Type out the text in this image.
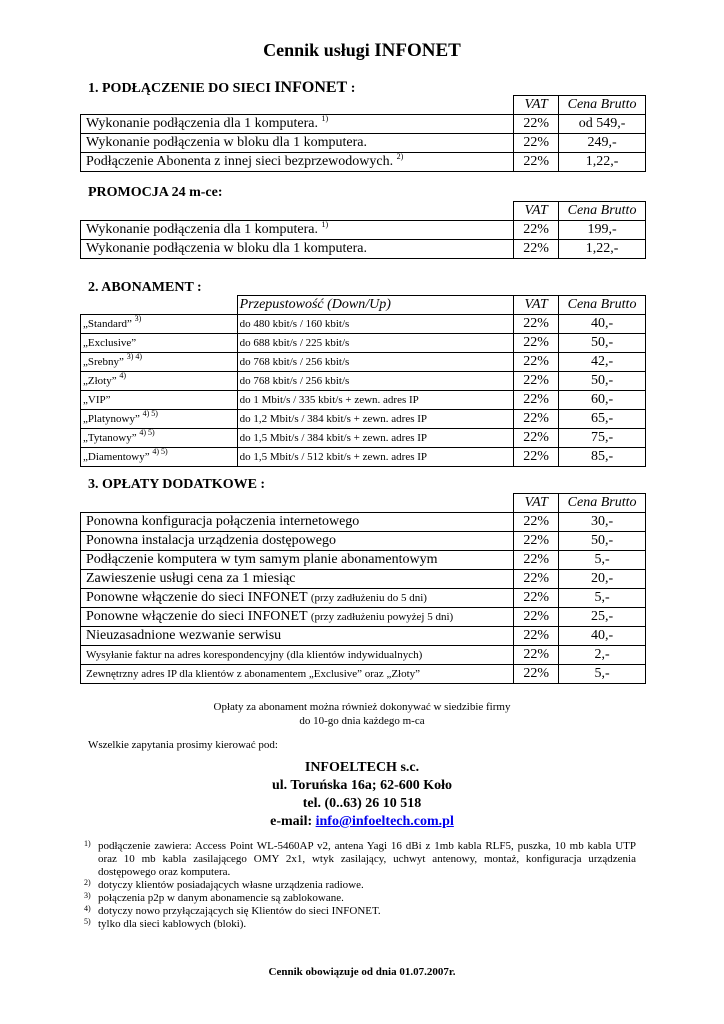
Cennik usługi INFONET
1. PODŁĄCZENIE DO SIECI INFONET :
	VAT	Cena Brutto
Wykonanie podłączenia dla 1 komputera. $^{1)}$	22%	od 549,-
Wykonanie podłączenia w bloku dla 1 komputera.	22%	249,-
Podłączenie Abonenta z innej sieci bezprzewodowych. $^{2)}$	22%	1,22,-
PROMOCJA 24 m-ce:
	VAT	Cena Brutto
Wykonanie podłączenia dla 1 komputera. $^{1)}$	22%	199,-
Wykonanie podłączenia w bloku dla 1 komputera.	22%	1,22,-
2. ABONAMENT :
	Przepustowość (Down/Up)	VAT	Cena Brutto
„Standard” $^{3)}$	do 480 kbit/s / 160 kbit/s	22%	40,-
„Exclusive”	do 688 kbit/s / 225 kbit/s	22%	50,-
„Srebny” $^{3) 4)}$	do 768 kbit/s / 256 kbit/s	22%	42,-
„Złoty” $^{4)}$	do 768 kbit/s / 256 kbit/s	22%	50,-
„VIP”	do 1 Mbit/s / 335 kbit/s + zewn. adres IP	22%	60,-
„Platynowy” $^{4) 5)}$	do 1,2 Mbit/s / 384 kbit/s + zewn. adres IP	22%	65,-
„Tytanowy” $^{4) 5)}$	do 1,5 Mbit/s / 384 kbit/s + zewn. adres IP	22%	75,-
„Diamentowy” $^{4) 5)}$	do 1,5 Mbit/s / 512 kbit/s + zewn. adres IP	22%	85,-
3. OPŁATY DODATKOWE :
	VAT	Cena Brutto
Ponowna konfiguracja połączenia internetowego	22%	30,-
Ponowna instalacja urządzenia dostępowego	22%	50,-
Podłączenie komputera w tym samym planie abonamentowym	22%	5,-
Zawieszenie usługi cena za 1 miesiąc	22%	20,-
Ponowne włączenie do sieci INFONET (przy zadłużeniu do 5 dni)	22%	5,-
Ponowne włączenie do sieci INFONET (przy zadłużeniu powyżej 5 dni)	22%	25,-
Nieuzasadnione wezwanie serwisu	22%	40,-
Wysyłanie faktur na adres korespondencyjny (dla klientów indywidualnych)	22%	2,-
Zewnętrzny adres IP dla klientów z abonamentem „Exclusive” oraz „Złoty”	22%	5,-
Opłaty za abonament można również dokonywać w siedzibie firmy
do 10-go dnia każdego m-ca
Wszelkie zapytania prosimy kierować pod:
INFOELTECH s.c.
ul. Toruńska 16a; 62-600 Koło
tel. (0..63) 26 10 518
e-mail: info@infoeltech.com.pl
1) podłączenie zawiera: Access Point WL-5460AP v2, antena Yagi 16 dBi z 1mb kabla RLF5, puszka, 10 mb kabla UTP oraz 10 mb kabla zasilającego OMY 2x1, wtyk zasilający, uchwyt antenowy, montaż, konfiguracja urządzenia dostępowego oraz komputera.
2) dotyczy klientów posiadających własne urządzenia radiowe.
3) połączenia p2p w danym abonamencie są zablokowane.
4) dotyczy nowo przyłączających się Klientów do sieci INFONET.
5) tylko dla sieci kablowych (bloki).
Cennik obowiązuje od dnia 01.07.2007r.
